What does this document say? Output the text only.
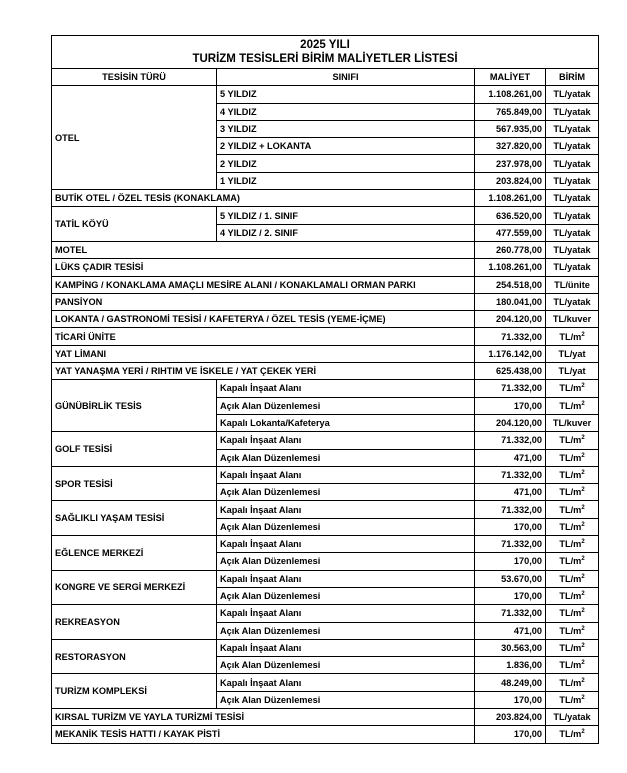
2025 YILI
TURİZM TESİSLERİ BİRİM MALİYETLER LİSTESİ			

TESİSİN TÜRÜ	SINIFI	MALİYET	BİRİM
OTEL	5 YILDIZ	1.108.261,00	TL/yatak
	4 YILDIZ	765.849,00	TL/yatak
	3 YILDIZ	567.935,00	TL/yatak
	2 YILDIZ + LOKANTA	327.820,00	TL/yatak
	2 YILDIZ	237.978,00	TL/yatak
	1 YILDIZ	203.824,00	TL/yatak
BUTİK OTEL / ÖZEL TESİS (KONAKLAMA)		1.108.261,00	TL/yatak
TATİL KÖYÜ	5 YILDIZ / 1. SINIF	636.520,00	TL/yatak
	4 YILDIZ / 2. SINIF	477.559,00	TL/yatak
MOTEL		260.778,00	TL/yatak
LÜKS ÇADIR TESİSİ		1.108.261,00	TL/yatak
KAMPİNG / KONAKLAMA AMAÇLI MESİRE ALANI / KONAKLAMALI ORMAN PARKI		254.518,00	TL/ünite
PANSİYON		180.041,00	TL/yatak
LOKANTA / GASTRONOMİ TESİSİ / KAFETERYA / ÖZEL TESİS (YEME-İÇME)		204.120,00	TL/kuver
TİCARİ ÜNİTE		71.332,00	$TL/m^2$
YAT LİMANI		1.176.142,00	TL/yat
YAT YANAŞMA YERİ / RIHTIM VE İSKELE / YAT ÇEKEK YERİ		625.438,00	TL/yat
GÜNÜBİRLİK TESİS	Kapalı İnşaat Alanı	71.332,00	$TL/m^2$
	Açık Alan Düzenlemesi	170,00	$TL/m^2$
	Kapalı Lokanta/Kafeterya	204.120,00	TL/kuver
GOLF TESİSİ	Kapalı İnşaat Alanı	71.332,00	$TL/m^2$
	Açık Alan Düzenlemesi	471,00	$TL/m^2$
SPOR TESİSİ	Kapalı İnşaat Alanı	71.332,00	$TL/m^2$
	Açık Alan Düzenlemesi	471,00	$TL/m^2$
SAĞLIKLI YAŞAM TESİSİ	Kapalı İnşaat Alanı	71.332,00	$TL/m^2$
	Açık Alan Düzenlemesi	170,00	$TL/m^2$
EĞLENCE MERKEZİ	Kapalı İnşaat Alanı	71.332,00	$TL/m^2$
	Açık Alan Düzenlemesi	170,00	$TL/m^2$
KONGRE VE SERGİ MERKEZİ	Kapalı İnşaat Alanı	53.670,00	$TL/m^2$
	Açık Alan Düzenlemesi	170,00	$TL/m^2$
REKREASYON	Kapalı İnşaat Alanı	71.332,00	$TL/m^2$
	Açık Alan Düzenlemesi	471,00	$TL/m^2$
RESTORASYON	Kapalı İnşaat Alanı	30.563,00	$TL/m^2$
	Açık Alan Düzenlemesi	1.836,00	$TL/m^2$
TURİZM KOMPLEKSİ	Kapalı İnşaat Alanı	48.249,00	$TL/m^2$
	Açık Alan Düzenlemesi	170,00	$TL/m^2$
KIRSAL TURİZM VE YAYLA TURİZMİ TESİSİ		203.824,00	TL/yatak
MEKANİK TESİS HATTI / KAYAK PİSTİ		170,00	$TL/m^2$
